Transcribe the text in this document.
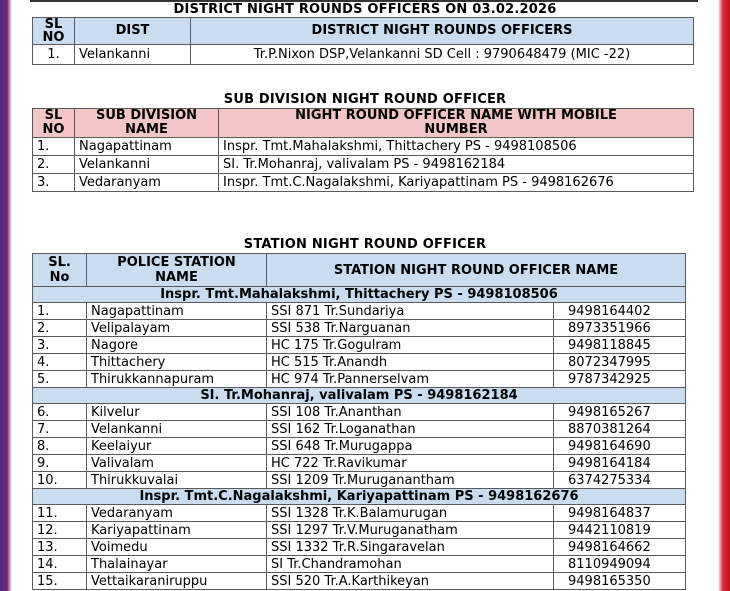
DISTRICT NIGHT ROUNDS OFFICERS ON 03.02.2026
SL
NO	DIST	DISTRICT NIGHT ROUNDS OFFICERS
1.	Velankanni	Tr.P.Nixon DSP,Velankanni SD Cell : 9790648479 (MIC -22)
SUB DIVISION NIGHT ROUND OFFICER
SL
NO	SUB DIVISION
NAME	NIGHT ROUND OFFICER NAME WITH MOBILE
NUMBER
1.	Nagapattinam	Inspr. Tmt.Mahalakshmi, Thittachery PS - 9498108506
2.	Velankanni	SI. Tr.Mohanraj, valivalam PS - 9498162184
3.	Vedaranyam	Inspr. Tmt.C.Nagalakshmi, Kariyapattinam PS - 9498162676
STATION NIGHT ROUND OFFICER
SL.
No	POLICE STATION
NAME	STATION NIGHT ROUND OFFICER NAME	
Inspr. Tmt.Mahalakshmi, Thittachery PS - 9498108506			
1.	Nagapattinam	SSI 871 Tr.Sundariya	9498164402
2.	Velipalayam	SSI 538 Tr.Narguanan	8973351966
3.	Nagore	HC 175 Tr.Gogulram	9498118845
4.	Thittachery	HC 515 Tr.Anandh	8072347995
5.	Thirukkannapuram	HC 974 Tr.Pannerselvam	9787342925
SI. Tr.Mohanraj, valivalam PS - 9498162184			
6.	Kilvelur	SSI 108 Tr.Ananthan	9498165267
7.	Velankanni	SSI 162 Tr.Loganathan	8870381264
8.	Keelaiyur	SSI 648 Tr.Murugappa	9498164690
9.	Valivalam	HC 722 Tr.Ravikumar	9498164184
10.	Thirukkuvalai	SSI 1209 Tr.Muruganantham	6374275334
Inspr. Tmt.C.Nagalakshmi, Kariyapattinam PS - 9498162676			
11.	Vedaranyam	SSI 1328 Tr.K.Balamurugan	9498164837
12.	Kariyapattinam	SSI 1297 Tr.V.Muruganatham	9442110819
13.	Voimedu	SSI 1332 Tr.R.Singaravelan	9498164662
14.	Thalainayar	SI Tr.Chandramohan	8110949094
15.	Vettaikaraniruppu	SSI 520 Tr.A.Karthikeyan	9498165350
